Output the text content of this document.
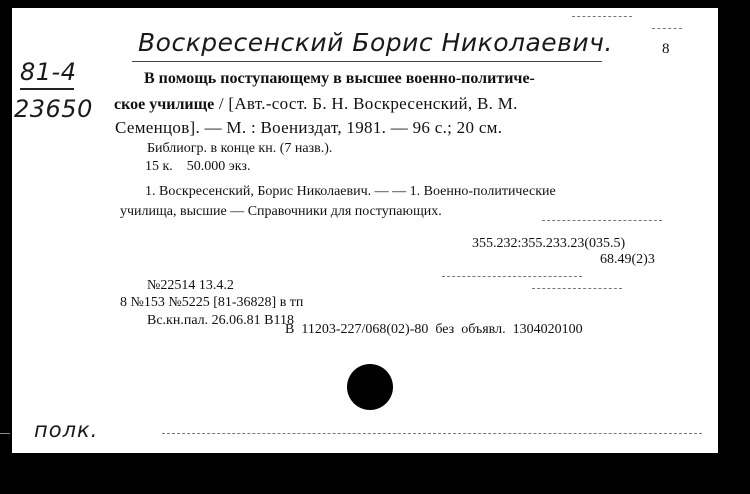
Воскресенский Борис Николаевич.	8
81-4
23650
В помощь поступающему в высшее военно-политиче-
ское училище / [Авт.-сост. Б. Н. Воскресенский, В. М.
Семенцов]. — М. : Воениздат, 1981. — 96 с.; 20 см.
Библиогр. в конце кн. (7 назв.).
15 к.    50.000 экз.
1. Воскресенский, Борис Николаевич. — — 1. Военно-политические
училища, высшие — Справочники для поступающих.
355.232:355.233.23(035.5)
68.49(2)3
№22514 13.4.2
8 №153 №5225 [81-36828] в тп
Вс.кн.пал. 26.06.81 В118
В  11203-227/068(02)-80  без  объявл.  1304020100
полк.
